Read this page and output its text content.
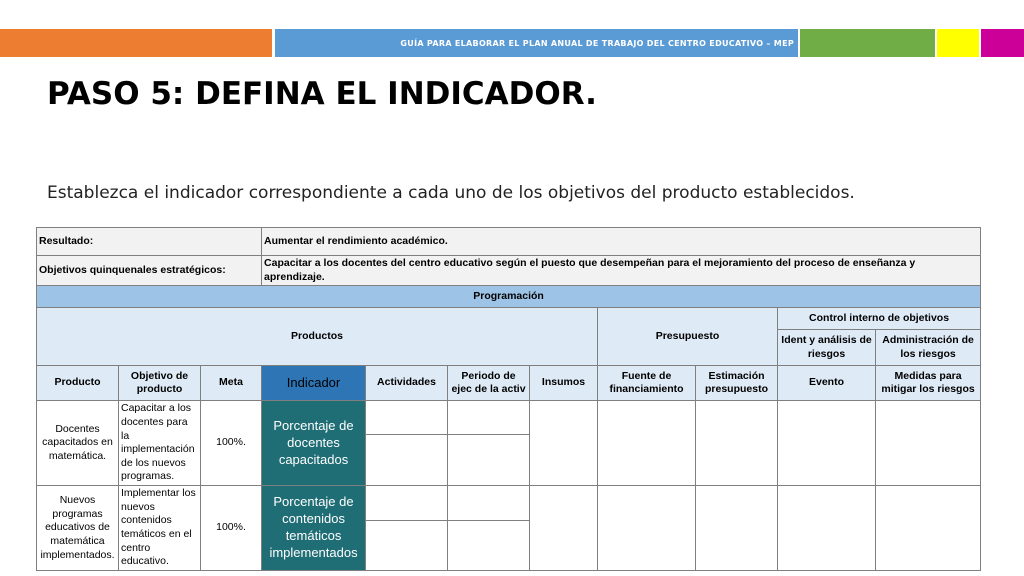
GUÍA PARA ELABORAR EL PLAN ANUAL DE TRABAJO DEL CENTRO EDUCATIVO – MEP
PASO 5: DEFINA EL INDICADOR.
Establezca el indicador correspondiente a cada uno de los objetivos del producto establecidos.
Resultado:			Aumentar el rendimiento académico.							
Objetivos quinquenales estratégicos:			Capacitar a los docentes del centro educativo según el puesto que desempeñan para el mejoramiento del proceso de enseñanza y aprendizaje.							
Programación										
Productos							Presupuesto		Control interno de objetivos	
									Ident y análisis de riesgos	Administración de los riesgos
Producto	Objetivo de producto	Meta	Indicador	Actividades	Periodo de ejec de la activ	Insumos	Fuente de financiamiento	Estimación presupuesto	Evento	Medidas para mitigar los riesgos
Docentes capacitados en matemática.	Capacitar a los docentes para la implementación de los nuevos programas.	100%.	Porcentaje de docentes capacitados							

Nuevos programas educativos de matemática implementados.	Implementar los nuevos contenidos temáticos en el centro educativo.	100%.	Porcentaje de contenidos temáticos implementados							
